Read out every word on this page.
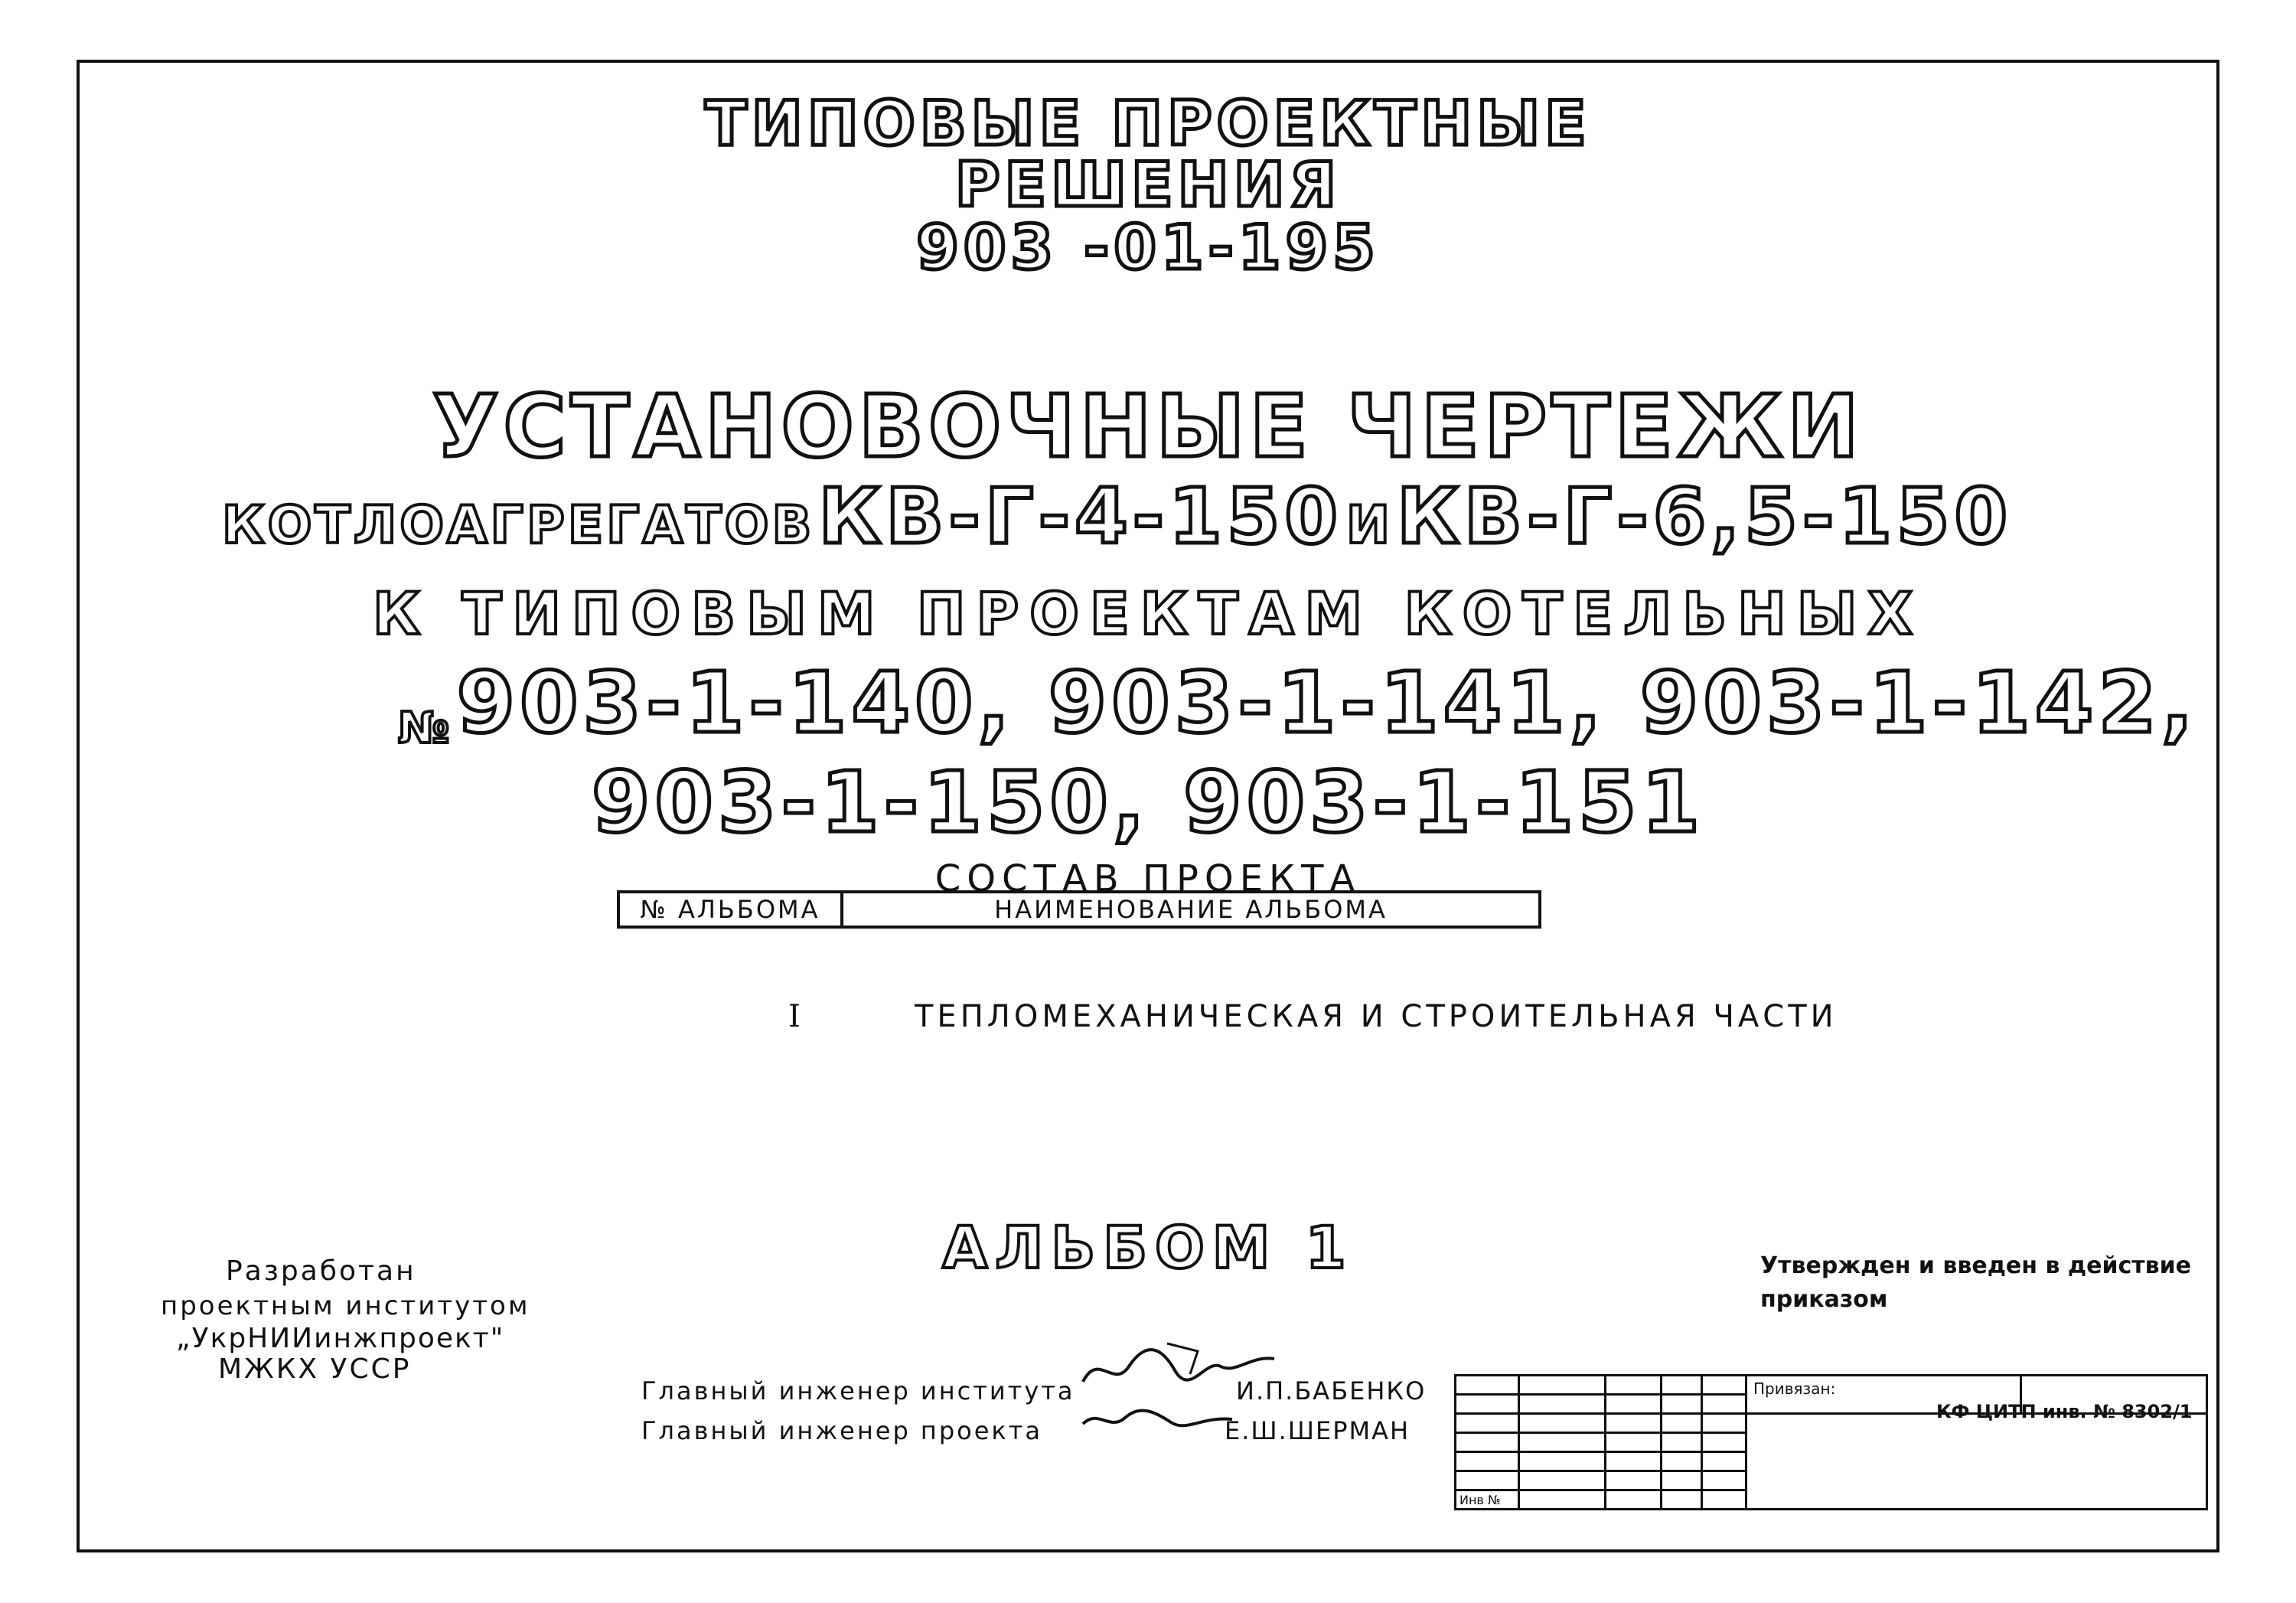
ТИПОВЫЕ ПРОЕКТНЫЕ
РЕШЕНИЯ
903 -01-195
УСТАНОВОЧНЫЕ ЧЕРТЕЖИ
КОТЛОАГРЕГАТОВ КВ-Г-4-150 И КВ-Г-6,5-150
К ТИПОВЫМ ПРОЕКТАМ КОТЕЛЬНЫХ
№ 903-1-140, 903-1-141, 903-1-142,
903-1-150, 903-1-151
СОСТАВ ПРОЕКТА
№ АЛЬБОМА	НАИМЕНОВАНИЕ АЛЬБОМА
I	ТЕПЛОМЕХАНИЧЕСКАЯ И СТРОИТЕЛЬНАЯ ЧАСТИ
АЛЬБОМ 1
Разработан
проектным институтом
„УкрНИИинжпроект"
МЖКХ УССР
Утвержден и введен в действие
приказом
Главный инженер института	И.П.БАБЕНКО
Главный инженер проекта	Е.Ш.ШЕРМАН
КФ ЦИТП инв. № 8302/1
					Привязан:	

Инв №						
